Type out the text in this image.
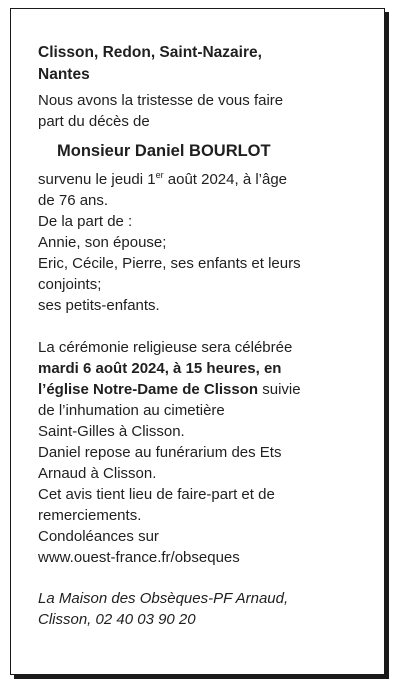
Clisson, Redon, Saint-Nazaire,
Nantes

Nous avons la tristesse de vous faire
part du décès de

Monsieur Daniel BOURLOT

survenu le jeudi 1er août 2024, à l’âge
de 76 ans.
De la part de :
Annie, son épouse;
Eric, Cécile, Pierre, ses enfants et leurs
conjoints;
ses petits-enfants.

La cérémonie religieuse sera célébrée
mardi 6 août 2024, à 15 heures, en
l’église Notre-Dame de Clisson suivie
de l’inhumation au cimetière
Saint-Gilles à Clisson.
Daniel repose au funérarium des Ets
Arnaud à Clisson.
Cet avis tient lieu de faire-part et de
remerciements.
Condoléances sur
www.ouest-france.fr/obseques

La Maison des Obsèques-PF Arnaud,
Clisson, 02 40 03 90 20
